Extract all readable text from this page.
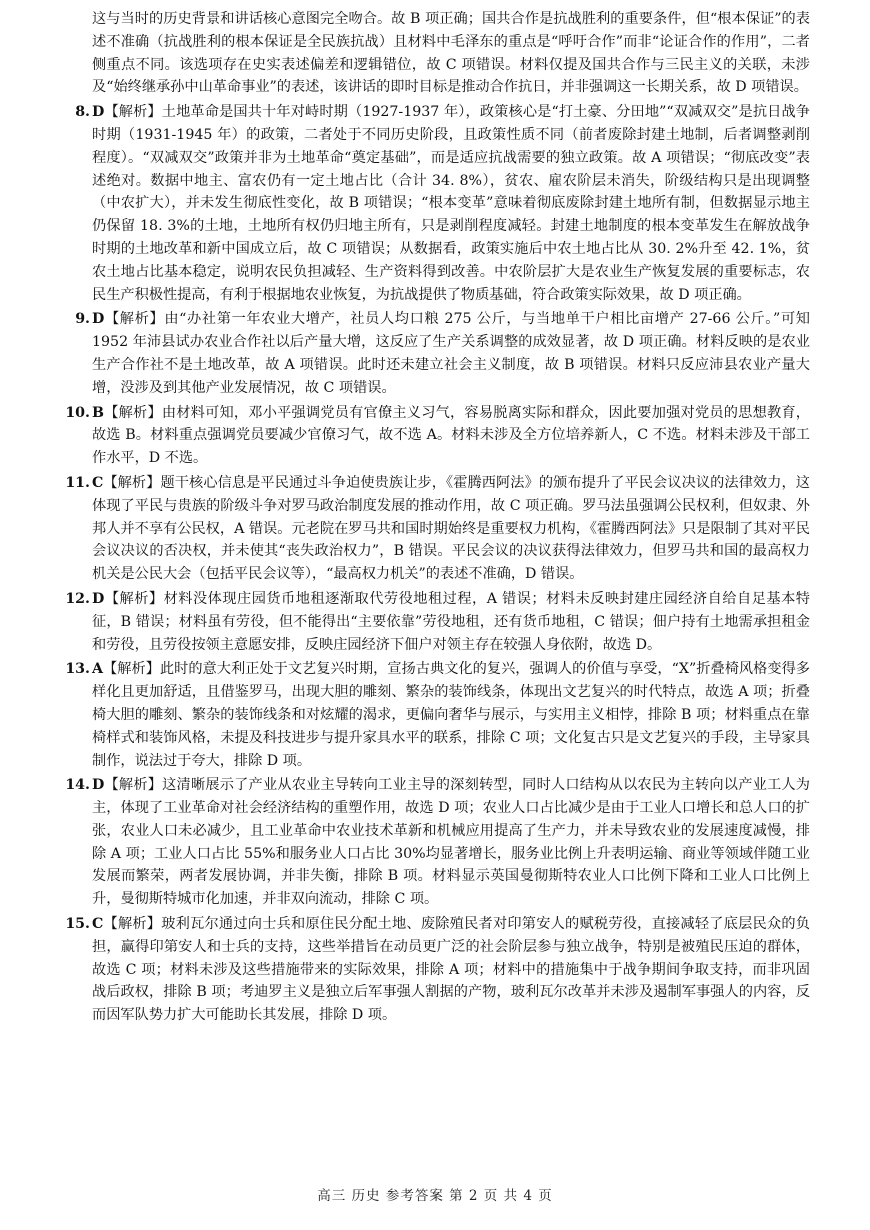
这与当时的历史背景和讲话核心意图完全吻合。故 B 项正确；国共合作是抗战胜利的重要条件，但“根本保证”的表述不准确（抗战胜利的根本保证是全民族抗战）且材料中毛泽东的重点是“呼吁合作”而非“论证合作的作用”，二者侧重点不同。该选项存在史实表述偏差和逻辑错位，故 C 项错误。材料仅提及国共合作与三民主义的关联，未涉及“始终继承孙中山革命事业”的表述，该讲话的即时目标是推动合作抗日，并非强调这一长期关系，故 D 项错误。

8. D【解析】土地革命是国共十年对峙时期（1927-1937 年），政策核心是“打土豪、分田地”“双减双交”是抗日战争时期（1931-1945 年）的政策，二者处于不同历史阶段，且政策性质不同（前者废除封建土地制，后者调整剥削程度）。“双减双交”政策并非为土地革命“奠定基础”，而是适应抗战需要的独立政策。故 A 项错误；“彻底改变”表述绝对。数据中地主、富农仍有一定土地占比（合计 34. 8%），贫农、雇农阶层未消失，阶级结构只是出现调整（中农扩大），并未发生彻底性变化，故 B 项错误；“根本变革”意味着彻底废除封建土地所有制，但数据显示地主仍保留 18. 3%的土地，土地所有权仍归地主所有，只是剥削程度减轻。封建土地制度的根本变革发生在解放战争时期的土地改革和新中国成立后，故 C 项错误；从数据看，政策实施后中农土地占比从 30. 2%升至 42. 1%，贫农土地占比基本稳定，说明农民负担减轻、生产资料得到改善。中农阶层扩大是农业生产恢复发展的重要标志，农民生产积极性提高，有利于根据地农业恢复，为抗战提供了物质基础，符合政策实际效果，故 D 项正确。

9. D【解析】由“办社第一年农业大增产，社员人均口粮 275 公斤，与当地单干户相比亩增产 27-66 公斤。”可知 1952 年沛县试办农业合作社以后产量大增，这反应了生产关系调整的成效显著，故 D 项正确。材料反映的是农业生产合作社不是土地改革，故 A 项错误。此时还未建立社会主义制度，故 B 项错误。材料只反应沛县农业产量大增，没涉及到其他产业发展情况，故 C 项错误。

10. B【解析】由材料可知，邓小平强调党员有官僚主义习气，容易脱离实际和群众，因此要加强对党员的思想教育，故选 B。材料重点强调党员要减少官僚习气，故不选 A。材料未涉及全方位培养新人，C 不选。材料未涉及干部工作水平，D 不选。

11. C【解析】题干核心信息是平民通过斗争迫使贵族让步，《霍腾西阿法》的颁布提升了平民会议决议的法律效力，这体现了平民与贵族的阶级斗争对罗马政治制度发展的推动作用，故 C 项正确。罗马法虽强调公民权利，但奴隶、外邦人并不享有公民权，A 错误。元老院在罗马共和国时期始终是重要权力机构，《霍腾西阿法》只是限制了其对平民会议决议的否决权，并未使其“丧失政治权力”，B 错误。平民会议的决议获得法律效力，但罗马共和国的最高权力机关是公民大会（包括平民会议等），“最高权力机关”的表述不准确，D 错误。

12. D【解析】材料没体现庄园货币地租逐渐取代劳役地租过程，A 错误；材料未反映封建庄园经济自给自足基本特征，B 错误；材料虽有劳役，但不能得出“主要依靠”劳役地租，还有货币地租，C 错误；佃户持有土地需承担租金和劳役，且劳役按领主意愿安排，反映庄园经济下佃户对领主存在较强人身依附，故选 D。

13. A【解析】此时的意大利正处于文艺复兴时期，宣扬古典文化的复兴，强调人的价值与享受，“X”折叠椅风格变得多样化且更加舒适，且借鉴罗马，出现大胆的雕刻、繁杂的装饰线条，体现出文艺复兴的时代特点，故选 A 项；折叠椅大胆的雕刻、繁杂的装饰线条和对炫耀的渴求，更偏向奢华与展示，与实用主义相悖，排除 B 项；材料重点在靠椅样式和装饰风格，未提及科技进步与提升家具水平的联系，排除 C 项；文化复古只是文艺复兴的手段，主导家具制作，说法过于夸大，排除 D 项。

14. D【解析】这清晰展示了产业从农业主导转向工业主导的深刻转型，同时人口结构从以农民为主转向以产业工人为主，体现了工业革命对社会经济结构的重塑作用，故选 D 项；农业人口占比减少是由于工业人口增长和总人口的扩张，农业人口未必减少，且工业革命中农业技术革新和机械应用提高了生产力，并未导致农业的发展速度减慢，排除 A 项；工业人口占比 55%和服务业人口占比 30%均显著增长，服务业比例上升表明运输、商业等领域伴随工业发展而繁荣，两者发展协调，并非失衡，排除 B 项。材料显示英国曼彻斯特农业人口比例下降和工业人口比例上升，曼彻斯特城市化加速，并非双向流动，排除 C 项。

15. C【解析】玻利瓦尔通过向士兵和原住民分配土地、废除殖民者对印第安人的赋税劳役，直接减轻了底层民众的负担，赢得印第安人和士兵的支持，这些举措旨在动员更广泛的社会阶层参与独立战争，特别是被殖民压迫的群体，故选 C 项；材料未涉及这些措施带来的实际效果，排除 A 项；材料中的措施集中于战争期间争取支持，而非巩固战后政权，排除 B 项；考迪罗主义是独立后军事强人割据的产物，玻利瓦尔改革并未涉及遏制军事强人的内容，反而因军队势力扩大可能助长其发展，排除 D 项。

高三 历史 参考答案 第 2 页 共 4 页
